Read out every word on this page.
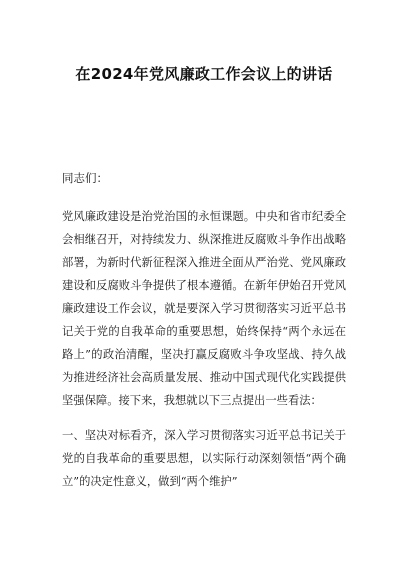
在2024年党风廉政工作会议上的讲话

同志们：

党风廉政建设是治党治国的永恒课题。中央和省市纪委全
会相继召开，对持续发力、纵深推进反腐败斗争作出战略
部署，为新时代新征程深入推进全面从严治党、党风廉政
建设和反腐败斗争提供了根本遵循。在新年伊始召开党风
廉政建设工作会议，就是要深入学习贯彻落实习近平总书
记关于党的自我革命的重要思想，始终保持“两个永远在
路上”的政治清醒，坚决打赢反腐败斗争攻坚战、持久战
为推进经济社会高质量发展、推动中国式现代化实践提供
坚强保障。接下来，我想就以下三点提出一些看法：

一、坚决对标看齐，深入学习贯彻落实习近平总书记关于
党的自我革命的重要思想，以实际行动深刻领悟“两个确
立”的决定性意义，做到“两个维护”
